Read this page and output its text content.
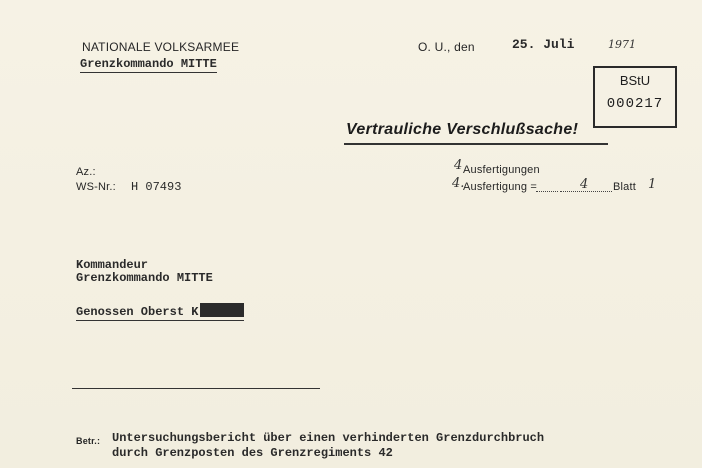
NATIONALE VOLKSARMEE
Grenzkommando MITTE
O. U., den	25. Juli	1971
BStU
000217
Vertrauliche Verschlußsache!
Az.:
WS-Nr.: H 07493
4 Ausfertigungen
4.
Ausfertigung =	4 Blatt 1
Kommandeur
Grenzkommando MITTE
Genossen Oberst K
Betr.: Untersuchungsbericht über einen verhinderten Grenzdurchbruch
durch Grenzposten des Grenzregiments 42
